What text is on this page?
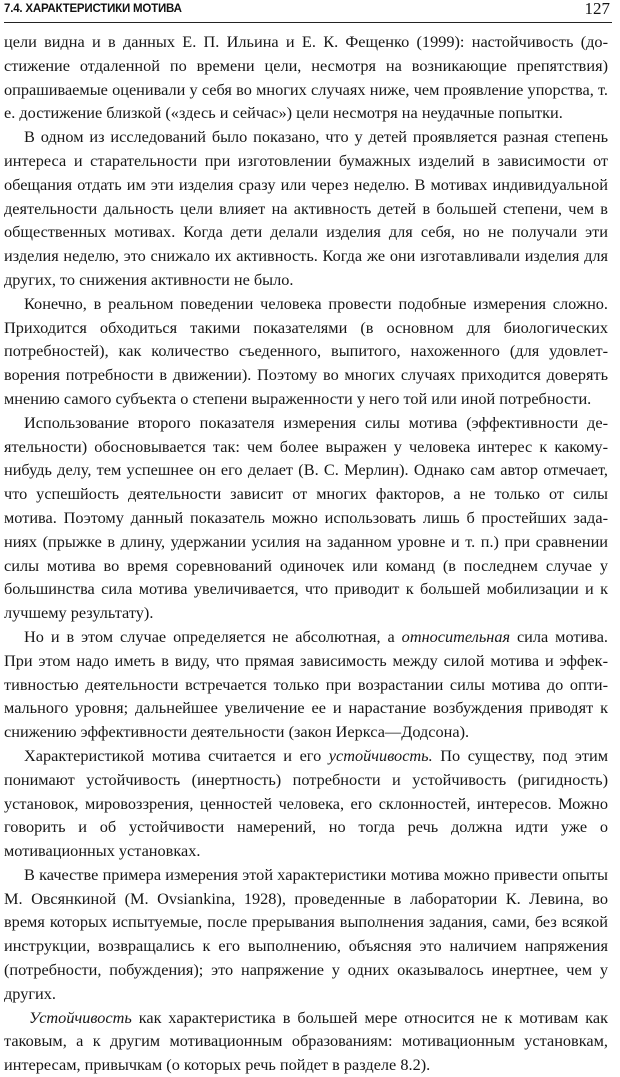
7.4. ХАРАКТЕРИСТИКИ МОТИВА	127

цели видна и в данных Е. П. Ильина и Е. К. Фещенко (1999): настойчивость (достижение отдаленной по времени цели, несмотря на возникающие препятствия) опрашиваемые оценивали у себя во многих случаях ниже, чем проявление упорства, т. е. достижение близкой («здесь и сейчас») цели несмотря на неудачные попытки.

В одном из исследований было показано, что у детей проявляется разная степень интереса и старательности при изготовлении бумажных изделий в зависимости от обещания отдать им эти изделия сразу или через неделю. В мотивах индивидуальной деятельности дальность цели влияет на активность детей в большей степени, чем в общественных мотивах. Когда дети делали изделия для себя, но не получали эти изделия неделю, это снижало их активность. Когда же они изготавливали изделия для других, то снижения активности не было.

Конечно, в реальном поведении человека провести подобные измерения сложно. Приходится обходиться такими показателями (в основном для биологических потребностей), как количество съеденного, выпитого, нахоженного (для удовлетворения потребности в движении). Поэтому во многих случаях приходится доверять мнению самого субъекта о степени выраженности у него той или иной потребности.

Использование второго показателя измерения силы мотива (эффективности деятельности) обосновывается так: чем более выражен у человека интерес к какому-нибудь делу, тем успешнее он его делает (В. С. Мерлин). Однако сам автор отмечает, что успешйость деятельности зависит от многих факторов, а не только от силы мотива. Поэтому данный показатель можно использовать лишь б простейших заданиях (прыжке в длину, удержании усилия на заданном уровне и т. п.) при сравнении силы мотива во время соревнований одиночек или команд (в последнем случае у большинства сила мотива увеличивается, что приводит к большей мобилизации и к лучшему результату).

Но и в этом случае определяется не абсолютная, а относительная сила мотива. При этом надо иметь в виду, что прямая зависимость между силой мотива и эффективностью деятельности встречается только при возрастании силы мотива до оптимального уровня; дальнейшее увеличение ее и нарастание возбуждения приводят к снижению эффективности деятельности (закон Иеркса—Додсона).

Характеристикой мотива считается и его устойчивость. По существу, под этим понимают устойчивость (инертность) потребности и устойчивость (ригидность) установок, мировоззрения, ценностей человека, его склонностей, интересов. Можно говорить и об устойчивости намерений, но тогда речь должна идти уже о мотивационных установках.

В качестве примера измерения этой характеристики мотива можно привести опыты М. Овсянкиной (М. Ovsiankina, 1928), проведенные в лаборатории К. Левина, во время которых испытуемые, после прерывания выполнения задания, сами, без всякой инструкции, возвращались к его выполнению, объясняя это наличием напряжения (потребности, побуждения); это напряжение у одних оказывалось инертнее, чем у других.

Устойчивость как характеристика в большей мере относится не к мотивам как таковым, а к другим мотивационным образованиям: мотивационным установкам, интересам, привычкам (о которых речь пойдет в разделе 8.2).
